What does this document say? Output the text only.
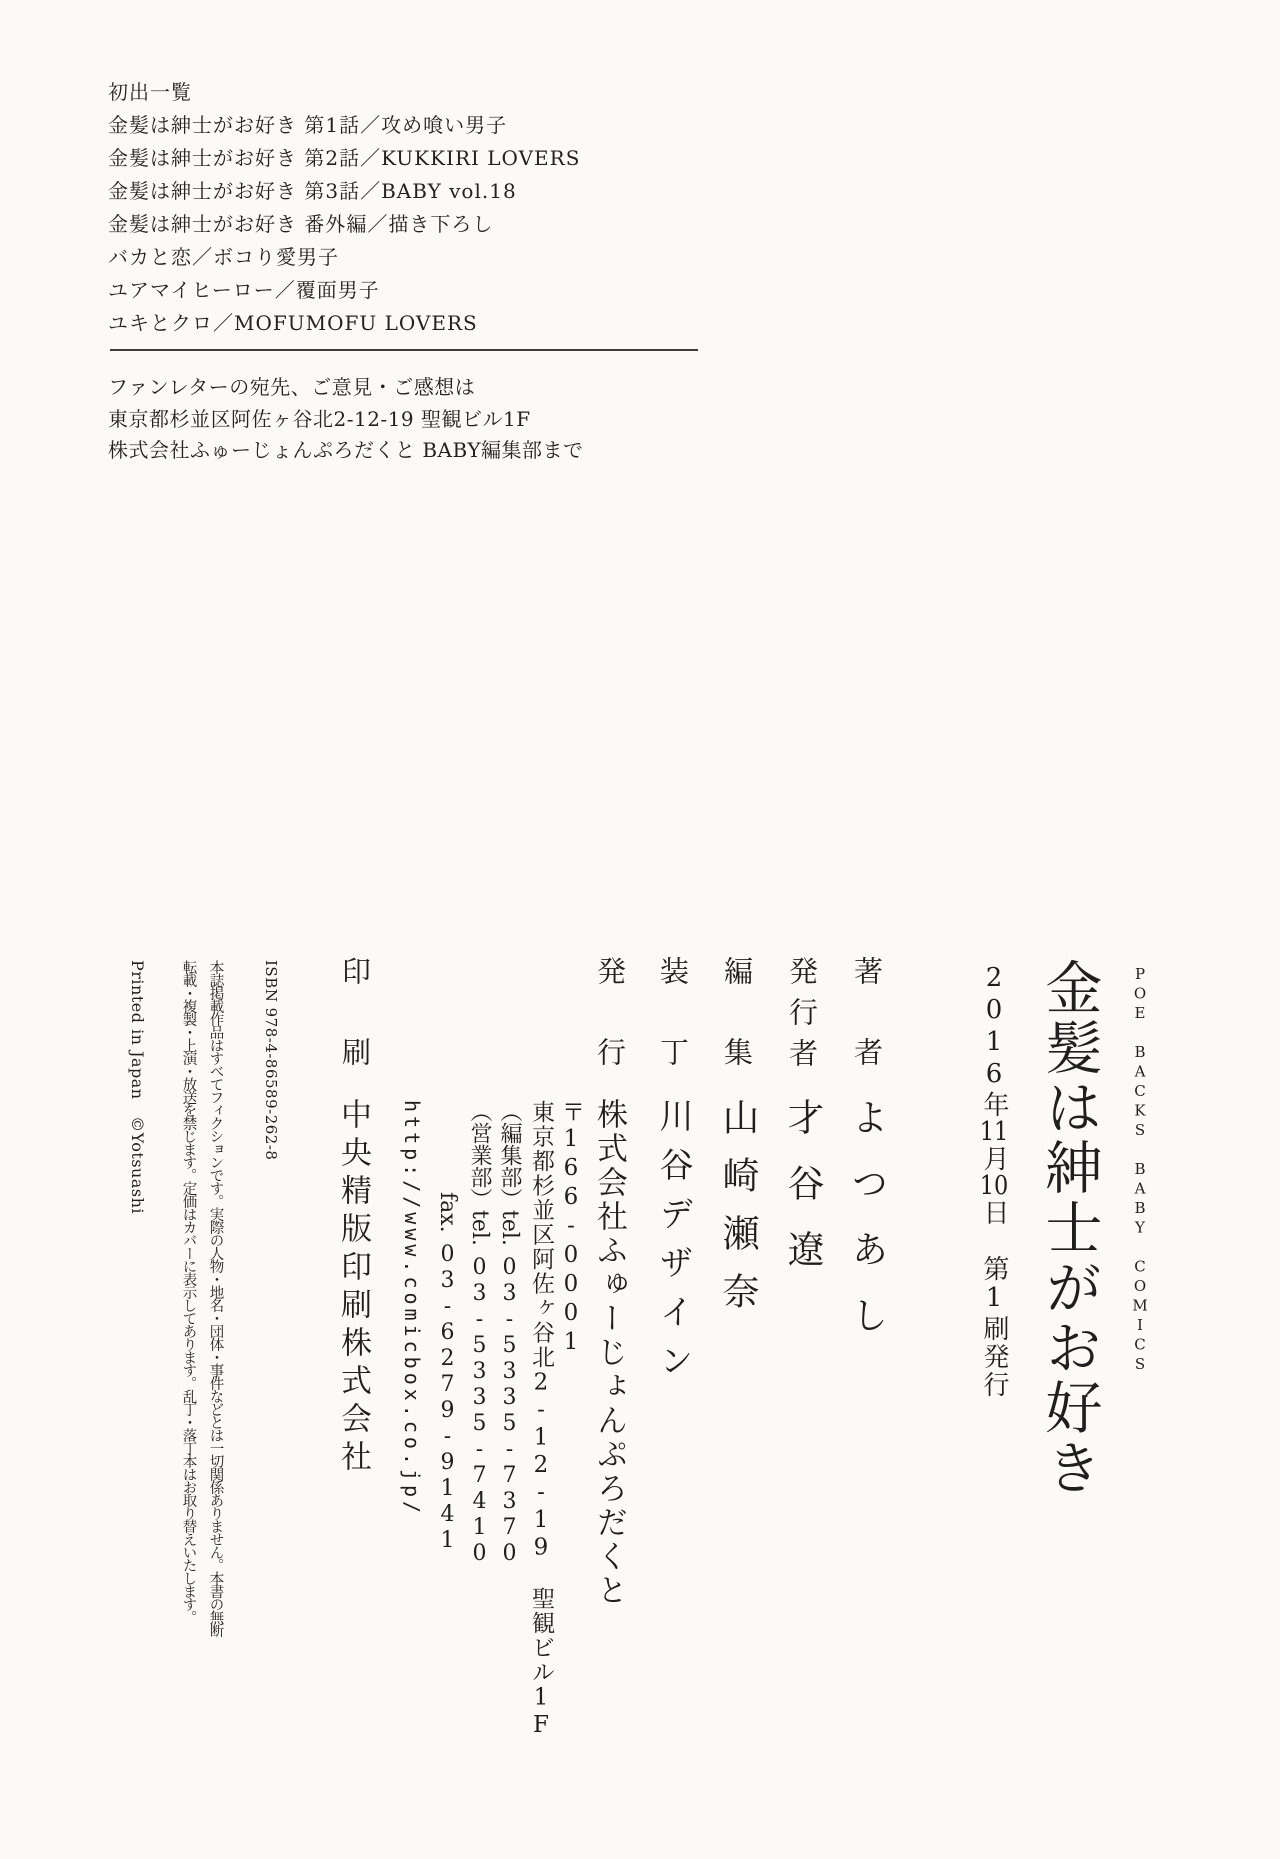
初出一覧
金髪は紳士がお好き 第1話／攻め喰い男子
金髪は紳士がお好き 第2話／KUKKIRI LOVERS
金髪は紳士がお好き 第3話／BABY vol.18
金髪は紳士がお好き 番外編／描き下ろし
バカと恋／ボコり愛男子
ユアマイヒーロー／覆面男子
ユキとクロ／MOFUMOFU LOVERS
ファンレターの宛先、ご意見・ご感想は
東京都杉並区阿佐ヶ谷北2-12-19 聖観ビル1F
株式会社ふゅーじょんぷろだくと BABY編集部まで
POE BACKS BABY COMICS
金髪は紳士がお好き
2016年11月10日　第1刷発行
著者
よつあし
発行者
才谷遼
編集
山崎瀬奈
装丁
川谷デザイン
発行
株式会社ふゅーじょんぷろだくと
〒166-0001
東京都杉並区阿佐ヶ谷北2-12-19　聖観ビル1F
（編集部）tel.03-5335-7370
（営業部）tel.03-5335-7410
fax.03-6279-9141
http://www.comicbox.co.jp/
印刷
中央精版印刷株式会社
ISBN 978-4-86589-262-8
本誌掲載作品はすべてフィクションです。実際の人物・地名・団体・事件などとは一切関係ありません。本書の無断
転載・複製・上演・放送を禁じます。定価はカバーに表示してあります。乱丁・落丁本はお取り替えいたします。
Printed in Japan　©Yotsuashi
